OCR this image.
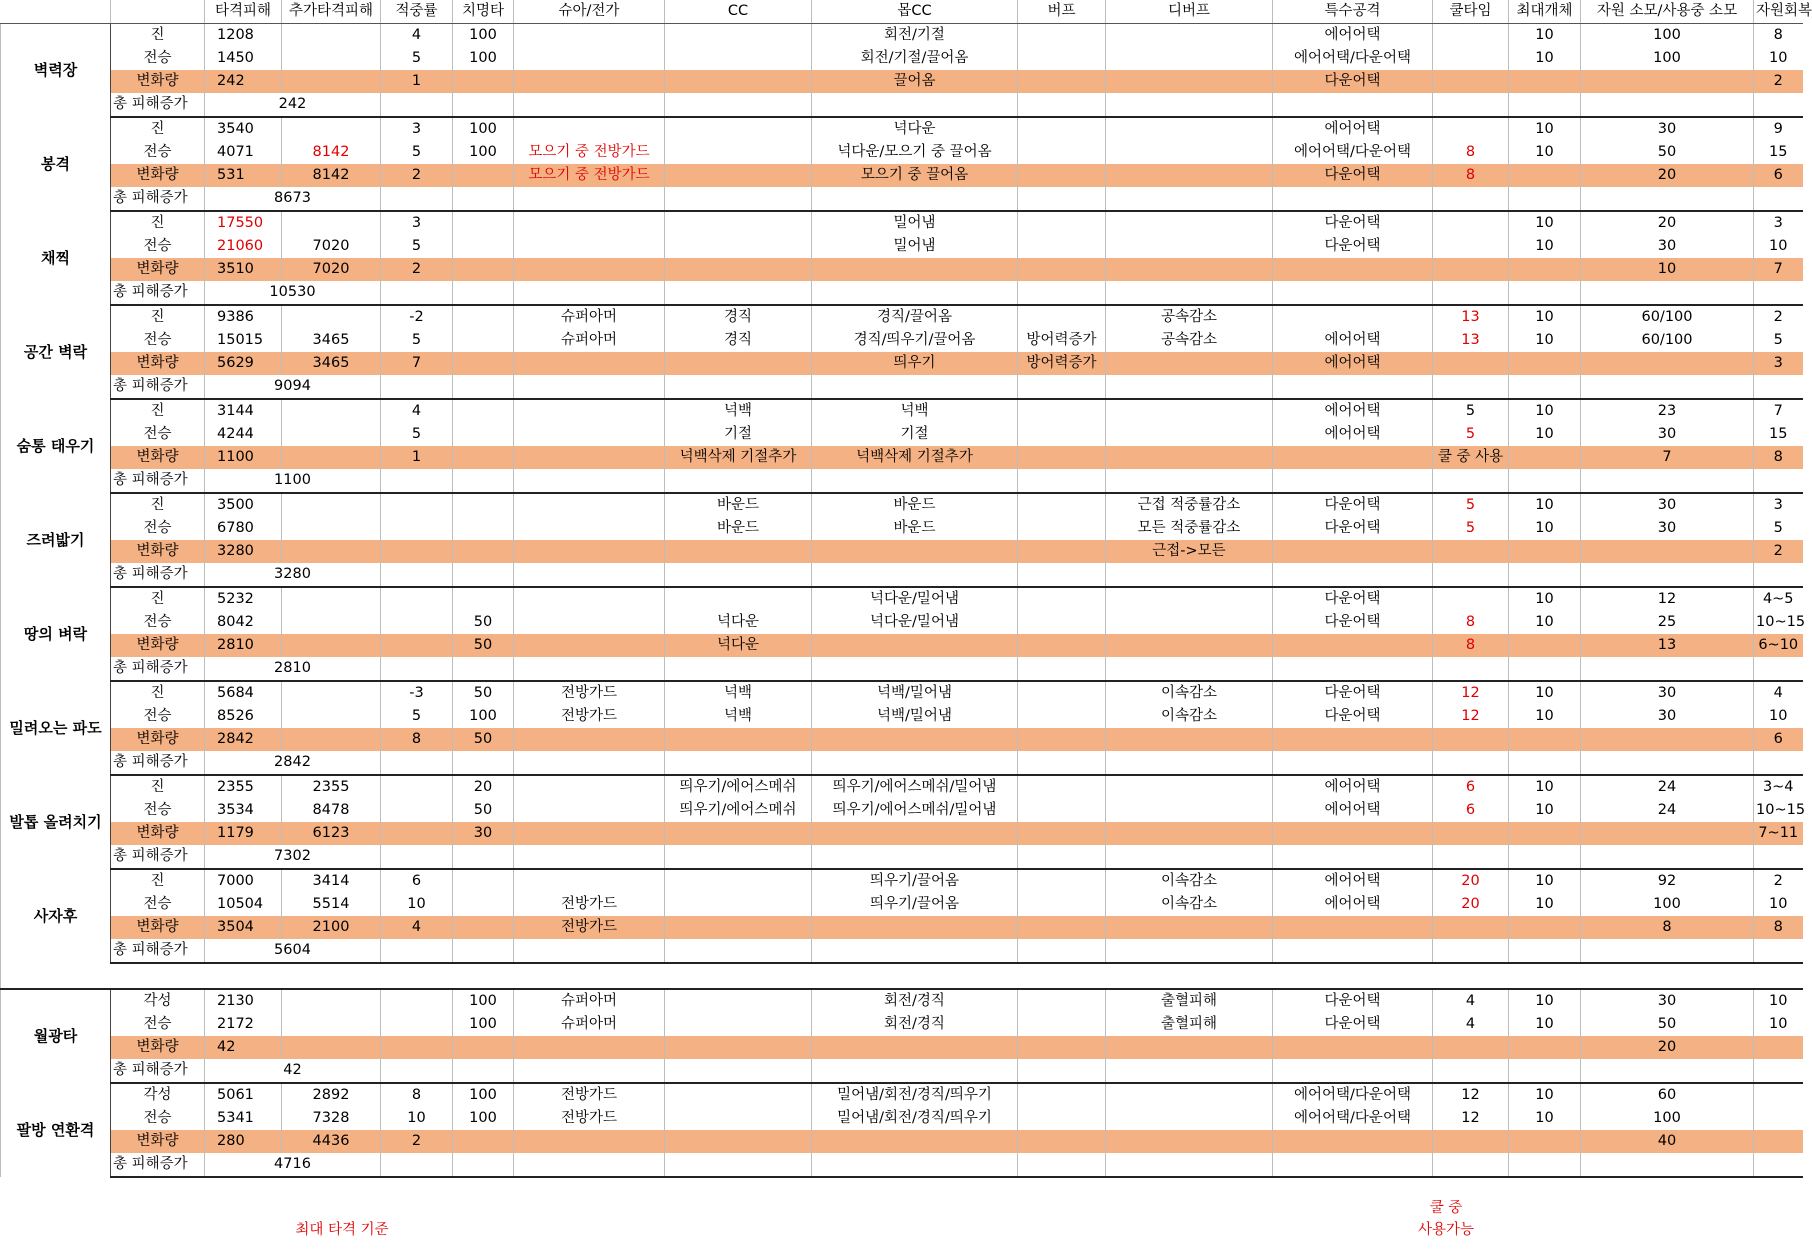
		타격피해	추가타격피해	적중률	치명타	슈아/전가	CC	몹CC	버프	디버프	특수공격	쿨타임	최대개체	자원 소모/사용중 소모	자원회복
벽력장	진	1208		4	100			회전/기절			에어어택		10	100	8
	전승	1450		5	100			회전/기절/끌어옴			에어어택/다운어택		10	100	10
	변화량	242		1				끌어옴			다운어택				2
	총 피해증가	242													
봉격	진	3540		3	100			넉다운			에어어택		10	30	9
	전승	4071	8142	5	100	모으기 중 전방가드		넉다운/모으기 중 끌어옴			에어어택/다운어택	8	10	50	15
	변화량	531	8142	2		모으기 중 전방가드		모으기 중 끌어옴			다운어택	8		20	6
	총 피해증가	8673													
채찍	진	17550		3				밀어냄			다운어택		10	20	3
	전승	21060	7020	5				밀어냄			다운어택		10	30	10
	변화량	3510	7020	2										10	7
	총 피해증가	10530													
공간 벽락	진	9386		-2		슈퍼아머	경직	경직/끌어옴		공속감소		13	10	60/100	2
	전승	15015	3465	5		슈퍼아머	경직	경직/띄우기/끌어옴	방어력증가	공속감소	에어어택	13	10	60/100	5
	변화량	5629	3465	7				띄우기	방어력증가		에어어택				3
	총 피해증가	9094													
숨통 태우기	진	3144		4			넉백	넉백			에어어택	5	10	23	7
	전승	4244		5			기절	기절			에어어택	5	10	30	15
	변화량	1100		1			넉백삭제 기절추가	넉백삭제 기절추가				쿨 중 사용		7	8
	총 피해증가	1100													
즈려밟기	진	3500					바운드	바운드		근접 적중률감소	다운어택	5	10	30	3
	전승	6780					바운드	바운드		모든 적중률감소	다운어택	5	10	30	5
	변화량	3280								근접->모든					2
	총 피해증가	3280													
땅의 벼락	진	5232						넉다운/밀어냄			다운어택		10	12	4~5
	전승	8042			50		넉다운	넉다운/밀어냄			다운어택	8	10	25	10~15
	변화량	2810			50		넉다운					8		13	6~10
	총 피해증가	2810													
밀려오는 파도	진	5684		-3	50	전방가드	넉백	넉백/밀어냄		이속감소	다운어택	12	10	30	4
	전승	8526		5	100	전방가드	넉백	넉백/밀어냄		이속감소	다운어택	12	10	30	10
	변화량	2842		8	50										6
	총 피해증가	2842													
발톱 올려치기	진	2355	2355		20		띄우기/에어스메쉬	띄우기/에어스메쉬/밀어냄			에어어택	6	10	24	3~4
	전승	3534	8478		50		띄우기/에어스메쉬	띄우기/에어스메쉬/밀어냄			에어어택	6	10	24	10~15
	변화량	1179	6123		30										7~11
	총 피해증가	7302													
사자후	진	7000	3414	6				띄우기/끌어옴		이속감소	에어어택	20	10	92	2
	전승	10504	5514	10		전방가드		띄우기/끌어옴		이속감소	에어어택	20	10	100	10
	변화량	3504	2100	4		전방가드								8	8
	총 피해증가	5604													

월광타	각성	2130			100	슈퍼아머		회전/경직		출혈피해	다운어택	4	10	30	10
	전승	2172			100	슈퍼아머		회전/경직		출혈피해	다운어택	4	10	50	10
	변화량	42												20	
	총 피해증가	42													
팔방 연환격	각성	5061	2892	8	100	전방가드		밀어냄/회전/경직/띄우기			에어어택/다운어택	12	10	60	
	전승	5341	7328	10	100	전방가드		밀어냄/회전/경직/띄우기			에어어택/다운어택	12	10	100	
	변화량	280	4436	2										40	
	총 피해증가	4716													
최대 타격 기준
쿨 중
사용가능
